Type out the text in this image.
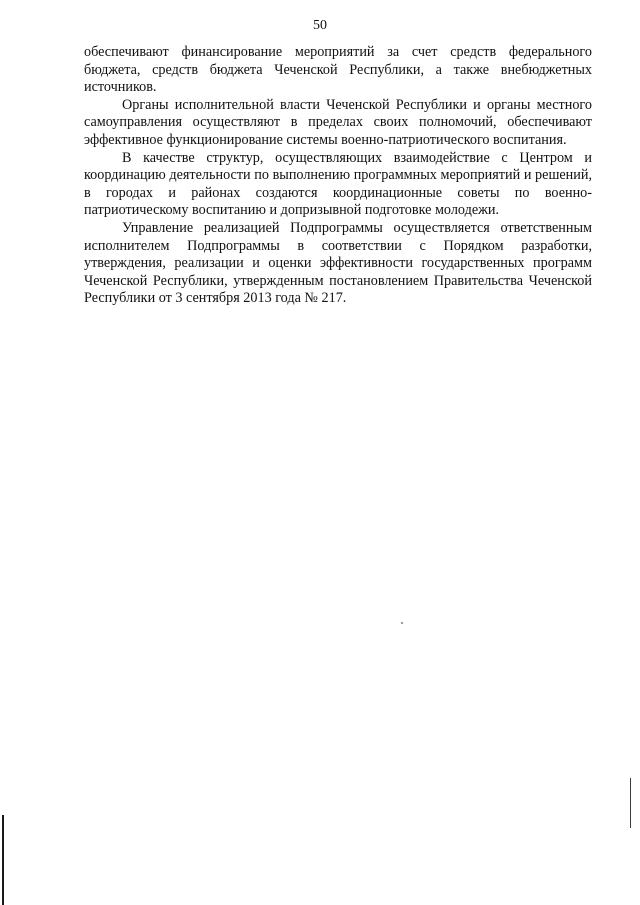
50

обеспечивают финансирование мероприятий за счет средств федерального бюджета, средств бюджета Чеченской Республики, а также внебюджетных источников.

Органы исполнительной власти Чеченской Республики и органы местного самоуправления осуществляют в пределах своих полномочий, обеспечивают эффективное функционирование системы военно-патриотического воспитания.

В качестве структур, осуществляющих взаимодействие с Центром и координацию деятельности по выполнению программных мероприятий и решений, в городах и районах создаются координационные советы по военно-патриотическому воспитанию и допризывной подготовке молодежи.

Управление реализацией Подпрограммы осуществляется ответственным исполнителем Подпрограммы в соответствии с Порядком разработки, утверждения, реализации и оценки эффективности государственных программ Чеченской Республики, утвержденным постановлением Правительства Чеченской Республики от 3 сентября 2013 года № 217.
